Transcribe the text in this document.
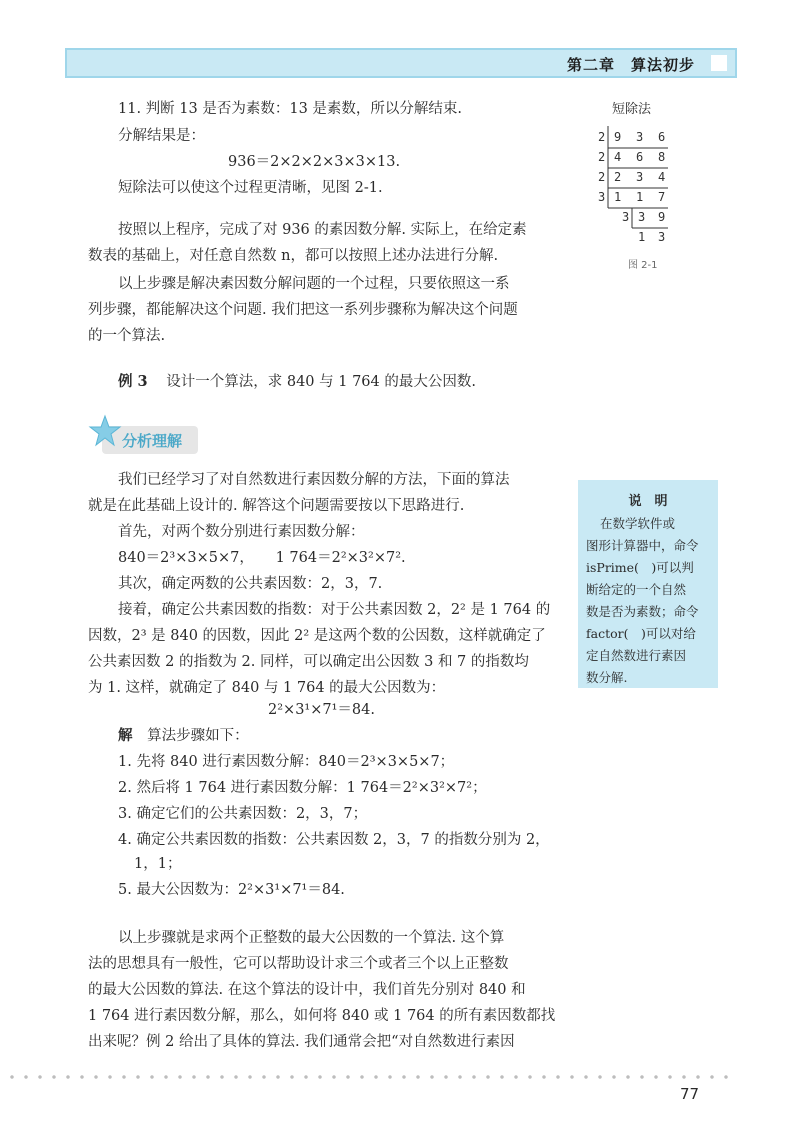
第二章　算法初步
11. 判断 13 是否为素数：13 是素数，所以分解结束.
分解结果是：
936＝2×2×2×3×3×13.
短除法可以使这个过程更清晰，见图 2-1.
短除法
2 9 3 6
2 4 6 8
2 2 3 4
3 1 1 7
3 3 9
1 3
图 2-1
按照以上程序，完成了对 936 的素因数分解. 实际上，在给定素
数表的基础上，对任意自然数 n，都可以按照上述办法进行分解.
以上步骤是解决素因数分解问题的一个过程，只要依照这一系
列步骤，都能解决这个问题. 我们把这一系列步骤称为解决这个问题
的一个算法.
例 3 设计一个算法，求 840 与 1 764 的最大公因数.
分析理解
我们已经学习了对自然数进行素因数分解的方法，下面的算法
就是在此基础上设计的. 解答这个问题需要按以下思路进行.
首先，对两个数分别进行素因数分解：
840＝2³×3×5×7，　　1 764＝2²×3²×7².
其次，确定两数的公共素因数：2，3，7.
接着，确定公共素因数的指数：对于公共素因数 2，2² 是 1 764 的
因数，2³ 是 840 的因数，因此 2² 是这两个数的公因数，这样就确定了
公共素因数 2 的指数为 2. 同样，可以确定出公因数 3 和 7 的指数均
为 1. 这样，就确定了 840 与 1 764 的最大公因数为：
2²×3¹×7¹＝84.
解 算法步骤如下：
1. 先将 840 进行素因数分解：840＝2³×3×5×7；
2. 然后将 1 764 进行素因数分解：1 764＝2²×3²×7²；
3. 确定它们的公共素因数：2，3，7；
4. 确定公共素因数的指数：公共素因数 2，3，7 的指数分别为 2，
1，1；
5. 最大公因数为：2²×3¹×7¹＝84.
说　明
在数学软件或
图形计算器中，命令
isPrime(　)可以判
断给定的一个自然
数是否为素数；命令
factor(　)可以对给
定自然数进行素因
数分解.
以上步骤就是求两个正整数的最大公因数的一个算法. 这个算
法的思想具有一般性，它可以帮助设计求三个或者三个以上正整数
的最大公因数的算法. 在这个算法的设计中，我们首先分别对 840 和
1 764 进行素因数分解，那么，如何将 840 或 1 764 的所有素因数都找
出来呢？例 2 给出了具体的算法. 我们通常会把“对自然数进行素因
77
